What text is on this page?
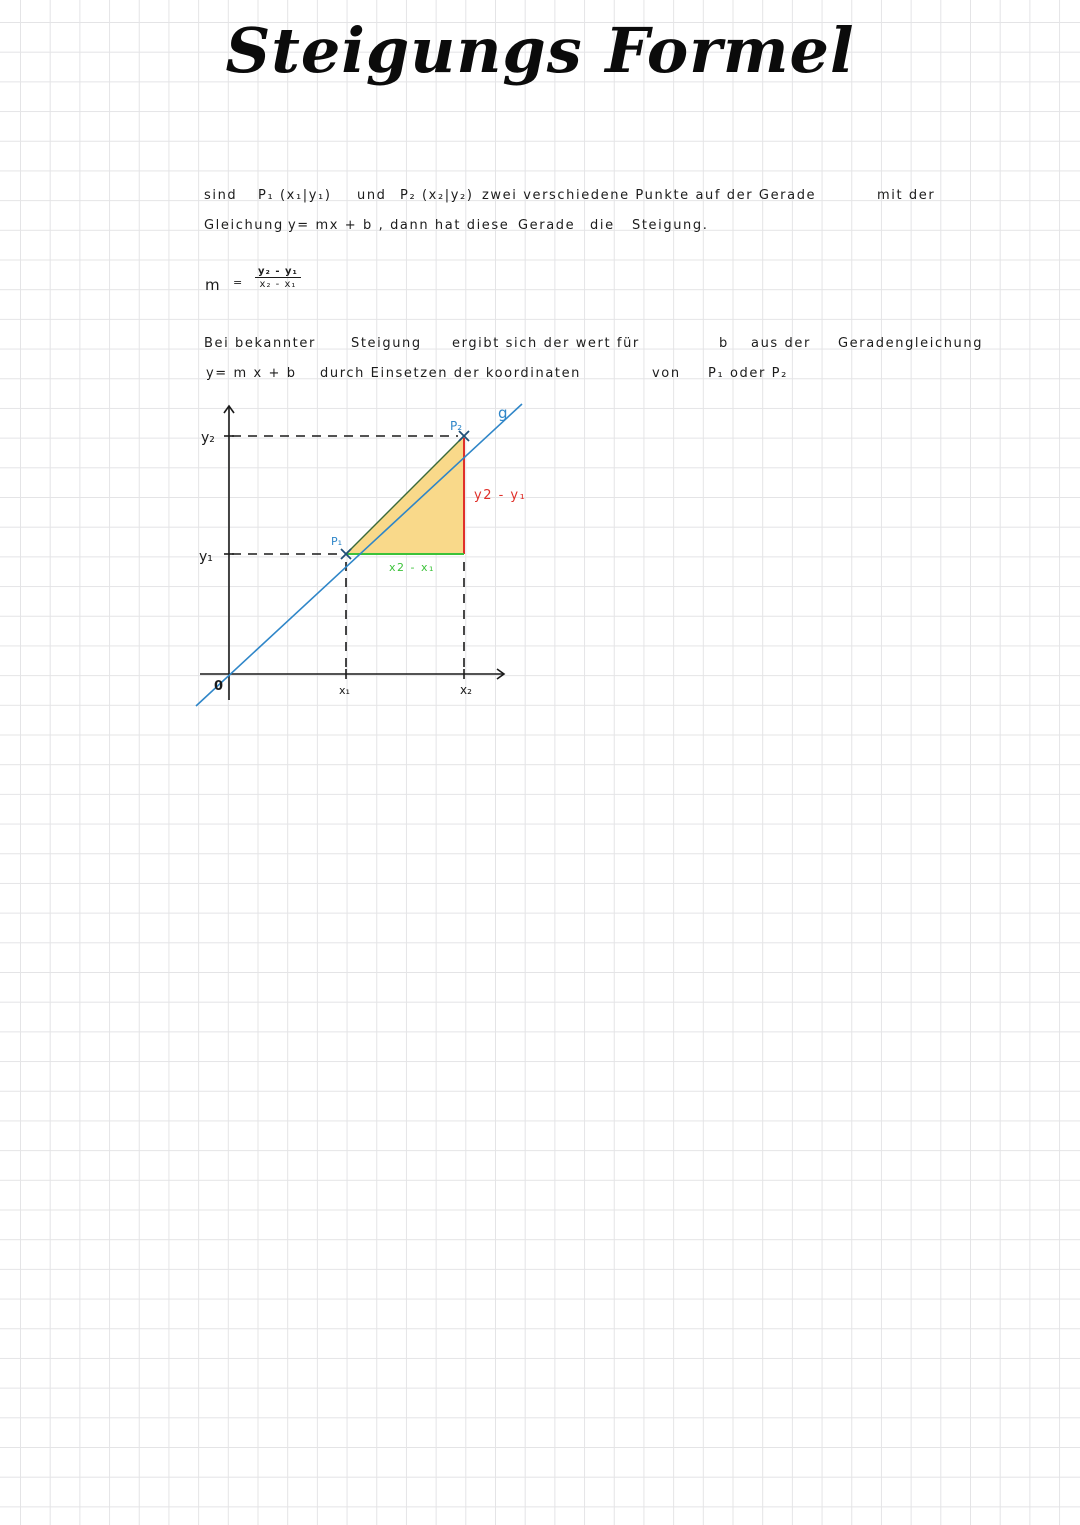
Steigungs Formel
sind P₁ (x₁|y₁) und P₂ (x₂|y₂) zwei verschiedene Punkte auf der Gerade	mit der
Gleichung y= mx + b , dann hat diese Gerade die Steigung.
$m = \frac{\text{y₂ - y₁}}{\text{x₂ - x₁}}$
Bei bekannter	Steigung ergibt sich der wert für	b aus der Geradengleichung
y= m x + b durch Einsetzen der koordinaten	von P₁ oder P₂
y₂
y₁
x₁	x₂
0
g
P₁
P₂
y2 - y₁
x2 - x₁
